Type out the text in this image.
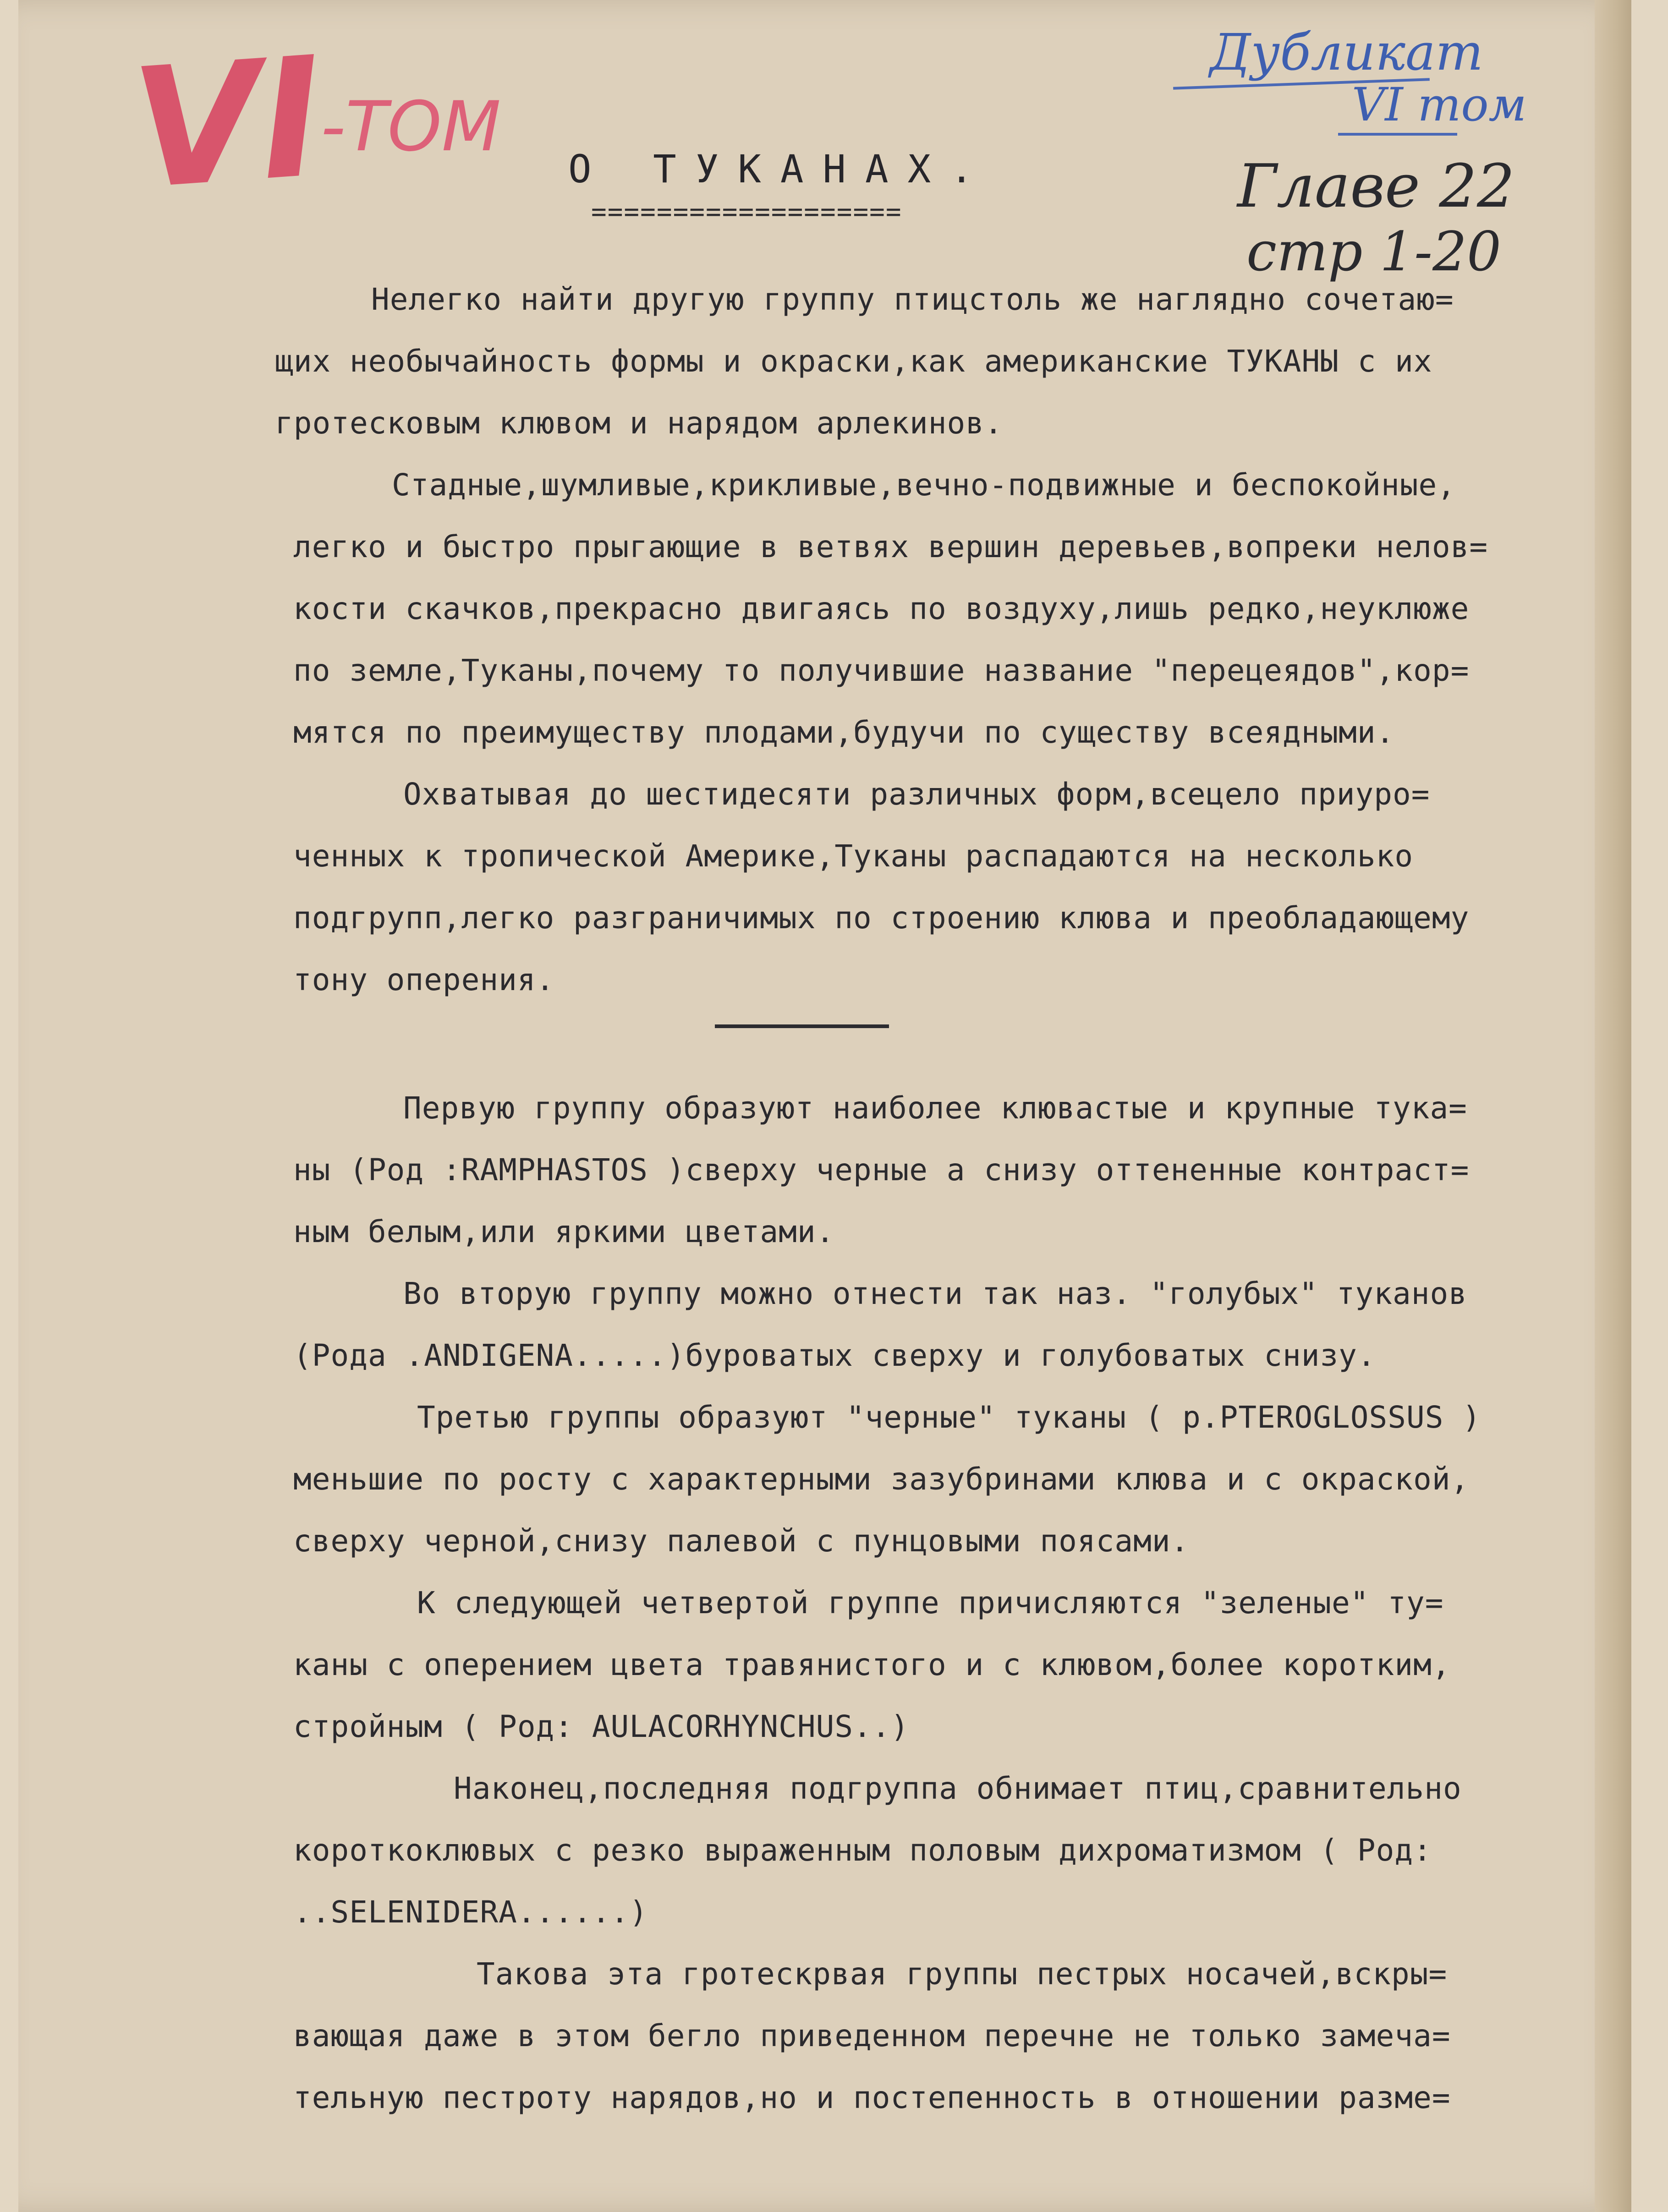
VI
-ТОМ
Дубликат
VI том
Главе 22
стр 1-20
О ТУКАНАХ.
===================
Нелегко найти другую группу птицстоль же наглядно сочетаю=
щих необычайность формы и окраски,как американские ТУКАНЫ с их
гротесковым клювом и нарядом арлекинов.
Стадные,шумливые,крикливые,вечно-подвижные и беспокойные,
легко и быстро прыгающие в ветвях вершин деревьев,вопреки нелов=
кости скачков,прекрасно двигаясь по воздуху,лишь редко,неуклюже
по земле,Туканы,почему то получившие название "перецеядов",кор=
мятся по преимуществу плодами,будучи по существу всеядными.
Охватывая до шестидесяти различных форм,всецело приуро=
ченных к тропической Америке,Туканы распадаются на несколько
подгрупп,легко разграничимых по строению клюва и преобладающему
тону оперения.
Первую группу образуют наиболее клювастые и крупные тука=
ны (Род :RAMPHASTOS )сверху черные а снизу оттененные контраст=
ным белым,или яркими цветами.
Во вторую группу можно отнести так наз. "голубых" туканов
(Рода .ANDIGENA.....)буроватых сверху и голубоватых снизу.
Третью группы образуют "черные" туканы ( р.PTEROGLOSSUS )
меньшие по росту с характерными зазубринами клюва и с окраской,
сверху черной,снизу палевой с пунцовыми поясами.
К следующей четвертой группе причисляются "зеленые" ту=
каны с оперением цвета травянистого и с клювом,более коротким,
стройным ( Род: AULACORHYNCHUS..)
Наконец,последняя подгруппа обнимает птиц,сравнительно
короткоклювых с резко выраженным половым дихроматизмом ( Род:
..SELENIDERA......)
Такова эта гротескрвая группы пестрых носачей,вскры=
вающая даже в этом бегло приведенном перечне не только замеча=
тельную пестроту нарядов,но и постепенность в отношении разме=
